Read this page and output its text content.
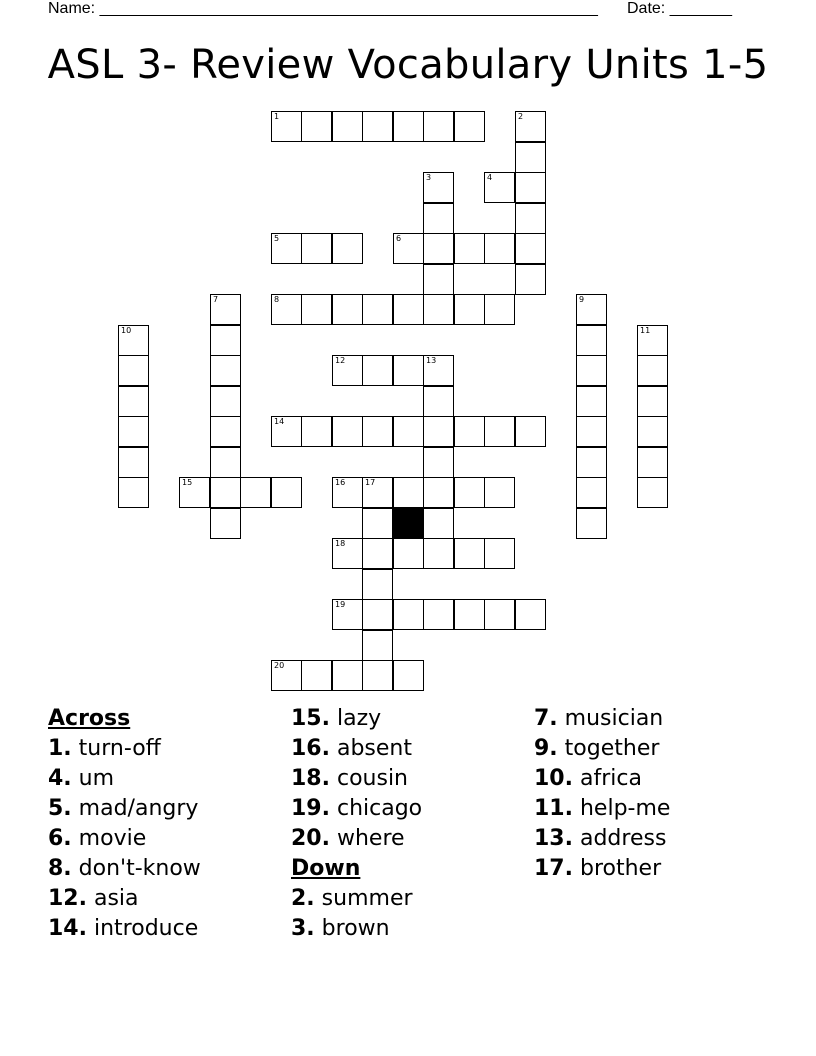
Name: ________________________________________________________ Date: _______
ASL 3- Review Vocabulary Units 1-5
1	2
3	4
5	6
7	8	9
10	11
12	13
14
15	16 17
18
19
20
Across
1. turn-off
4. um
5. mad/angry
6. movie
8. don't-know
12. asia
14. introduce
15. lazy
16. absent
18. cousin
19. chicago
20. where
Down
2. summer
3. brown
7. musician
9. together
10. africa
11. help-me
13. address
17. brother
